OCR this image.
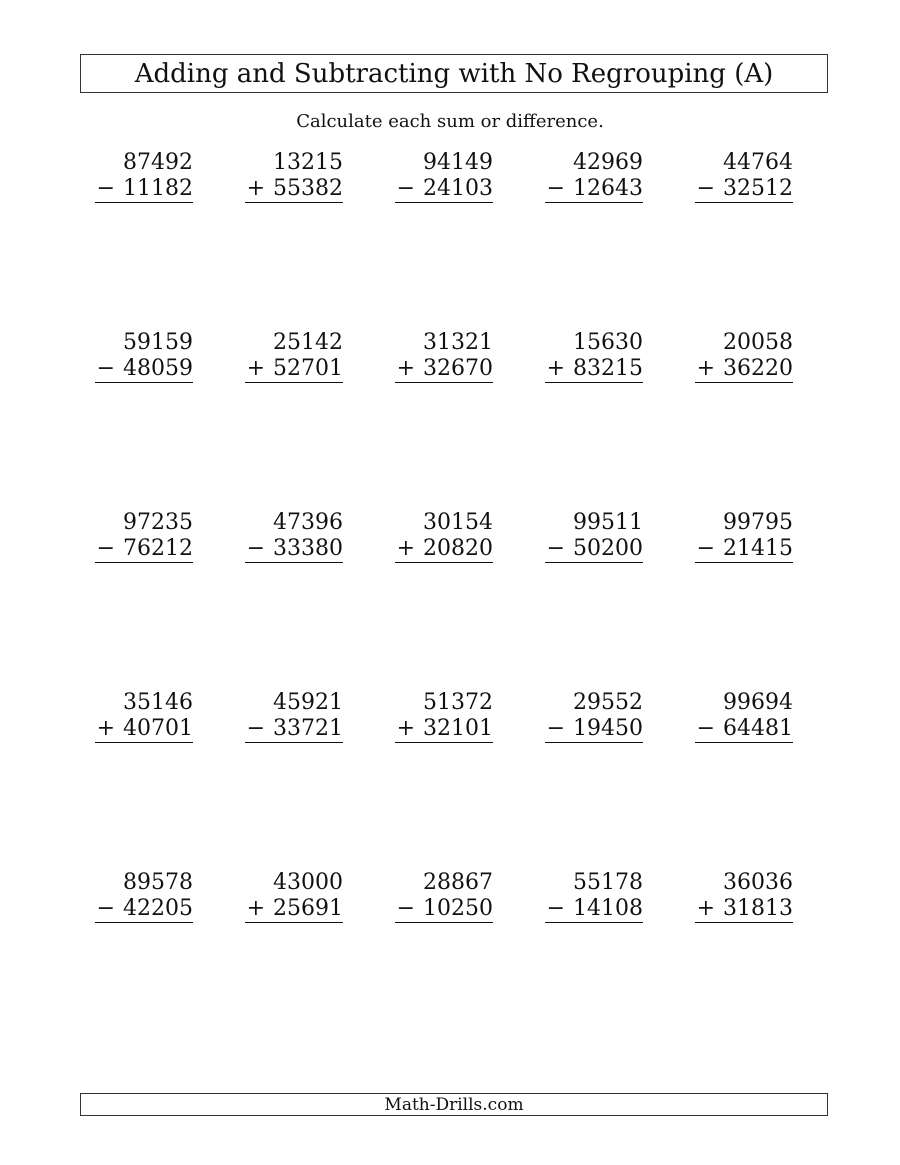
Adding and Subtracting with No Regrouping (A)
Calculate each sum or difference.
87492
− 11182
13215
+ 55382
94149
− 24103
42969
− 12643
44764
− 32512
59159
− 48059
25142
+ 52701
31321
+ 32670
15630
+ 83215
20058
+ 36220
97235
− 76212
47396
− 33380
30154
+ 20820
99511
− 50200
99795
− 21415
35146
+ 40701
45921
− 33721
51372
+ 32101
29552
− 19450
99694
− 64481
89578
− 42205
43000
+ 25691
28867
− 10250
55178
− 14108
36036
+ 31813
Math-Drills.com
